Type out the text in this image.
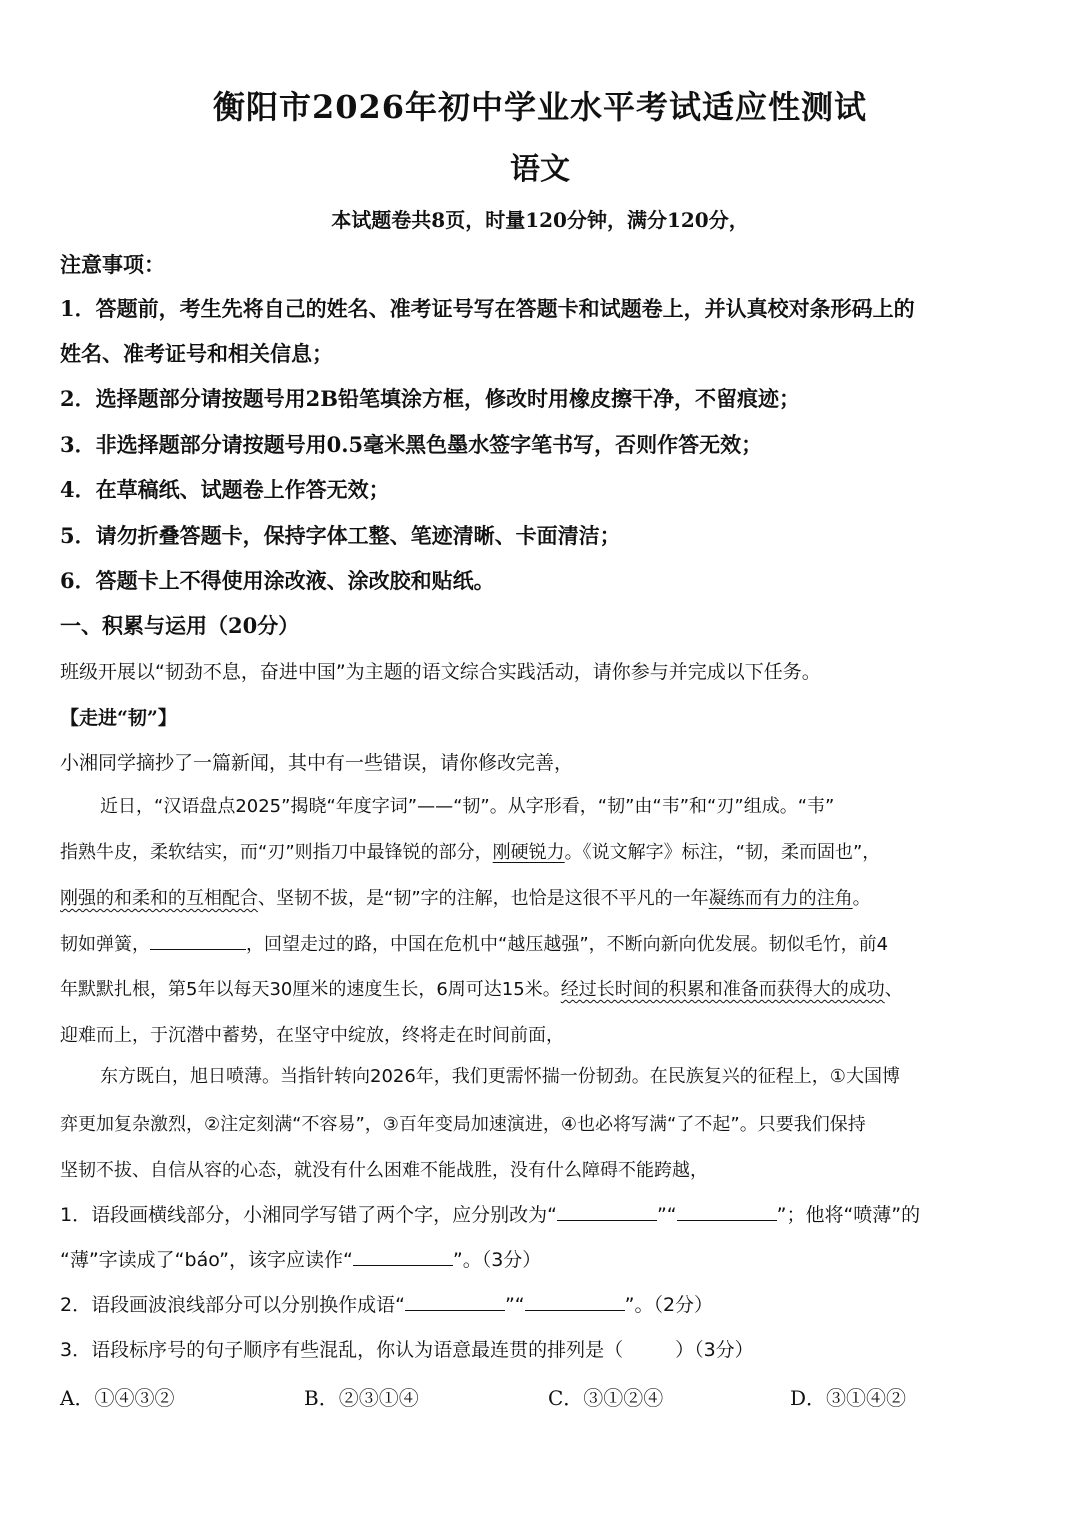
衡阳市2026年初中学业水平考试适应性测试
语文
本试题卷共8页，时量120分钟，满分120分，
注意事项：
1．答题前，考生先将自己的姓名、准考证号写在答题卡和试题卷上，并认真校对条形码上的
姓名、准考证号和相关信息；
2．选择题部分请按题号用2B铅笔填涂方框，修改时用橡皮擦干净，不留痕迹；
3．非选择题部分请按题号用0.5毫米黑色墨水签字笔书写，否则作答无效；
4．在草稿纸、试题卷上作答无效；
5．请勿折叠答题卡，保持字体工整、笔迹清晰、卡面清洁；
6．答题卡上不得使用涂改液、涂改胶和贴纸。
一、积累与运用（20分）
班级开展以“韧劲不息，奋进中国”为主题的语文综合实践活动，请你参与并完成以下任务。
【走进“韧”】
小湘同学摘抄了一篇新闻，其中有一些错误，请你修改完善，
近日，“汉语盘点2025”揭晓“年度字词”——“韧”。从字形看，“韧”由“韦”和“刃”组成。“韦”
指熟牛皮，柔软结实，而“刃”则指刀中最锋锐的部分，刚硬锐力。《说文解字》标注，“韧，柔而固也”，
刚强的和柔和的互相配合、坚韧不拔，是“韧”字的注解，也恰是这很不平凡的一年凝练而有力的注角。
韧如弹簧，	，回望走过的路，中国在危机中“越压越强”，不断向新向优发展。韧似毛竹，前4
年默默扎根，第5年以每天30厘米的速度生长，6周可达15米。经过长时间的积累和准备而获得大的成功、
迎难而上，于沉潜中蓄势，在坚守中绽放，终将走在时间前面，
东方既白，旭日喷薄。当指针转向2026年，我们更需怀揣一份韧劲。在民族复兴的征程上，①大国博
弈更加复杂激烈，②注定刻满“不容易”，③百年变局加速演进，④也必将写满“了不起”。只要我们保持
坚韧不拔、自信从容的心态，就没有什么困难不能战胜，没有什么障碍不能跨越，
1．语段画横线部分，小湘同学写错了两个字，应分别改为“	”“	”；他将“喷薄”的
“薄”字读成了“báo”，该字应读作“	”。（3分）
2．语段画波浪线部分可以分别换作成语“	”“	”。（2分）
3．语段标序号的句子顺序有些混乱，你认为语意最连贯的排列是（	）（3分）
A．①④③②	B．②③①④	C．③①②④	D．③①④②
